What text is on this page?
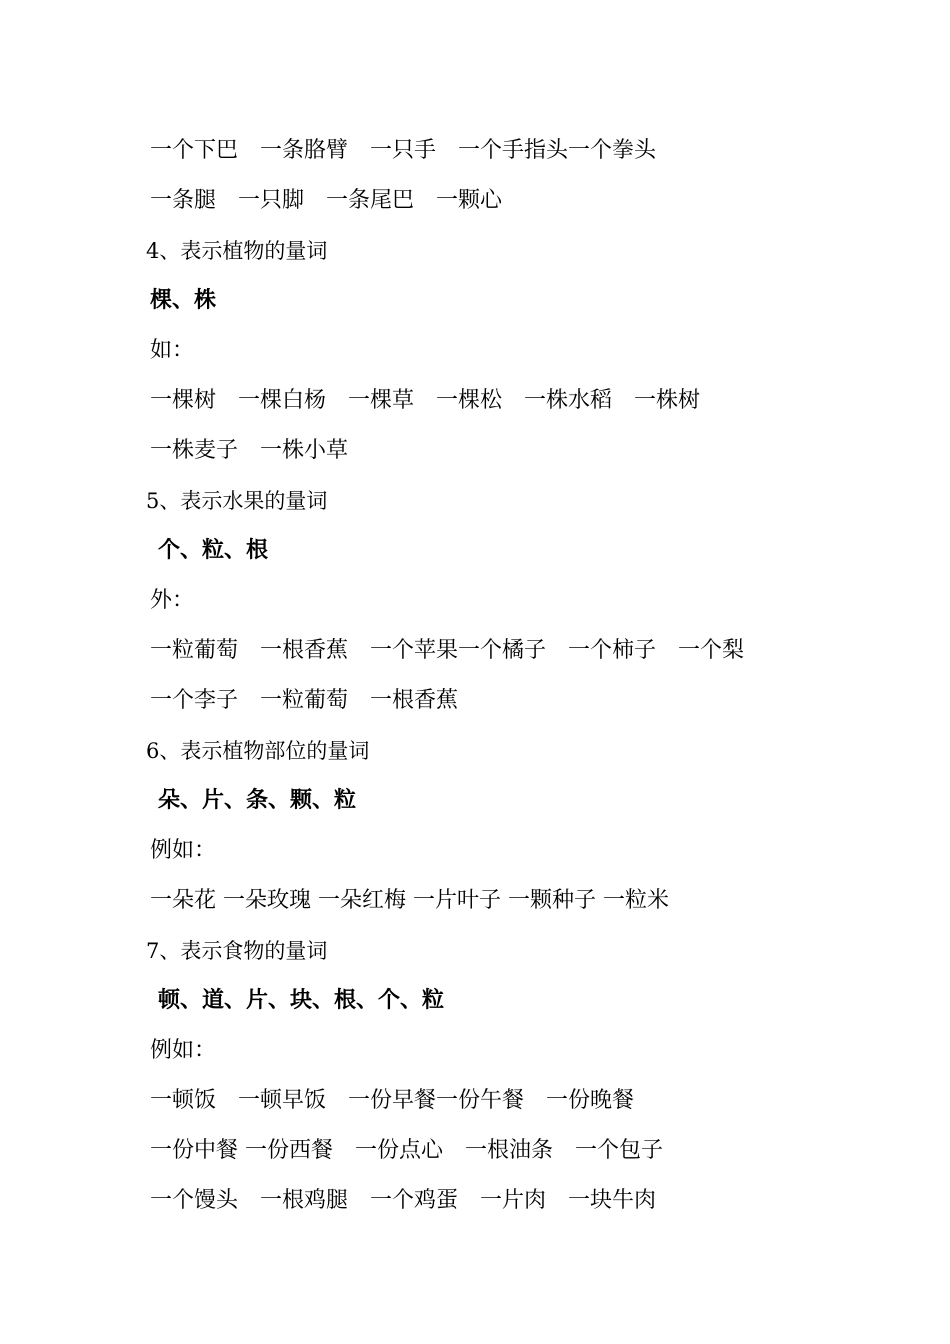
一个下巴　一条胳臂　一只手　一个手指头一个拳头

一条腿　一只脚　一条尾巴　一颗心

4、表示植物的量词

棵、株

如：

一棵树　一棵白杨　一棵草　一棵松　一株水稻　一株树

一株麦子　一株小草

5、表示水果的量词

个、粒、根

外：

一粒葡萄　一根香蕉　一个苹果一个橘子　一个柿子　一个梨

一个李子　一粒葡萄　一根香蕉

6、表示植物部位的量词

朵、片、条、颗、粒

例如：

一朵花 一朵玫瑰 一朵红梅 一片叶子 一颗种子 一粒米

7、表示食物的量词

顿、道、片、块、根、个、粒

例如：

一顿饭　一顿早饭　一份早餐一份午餐　一份晚餐

一份中餐 一份西餐　一份点心　一根油条　一个包子

一个馒头　一根鸡腿　一个鸡蛋　一片肉　一块牛肉
